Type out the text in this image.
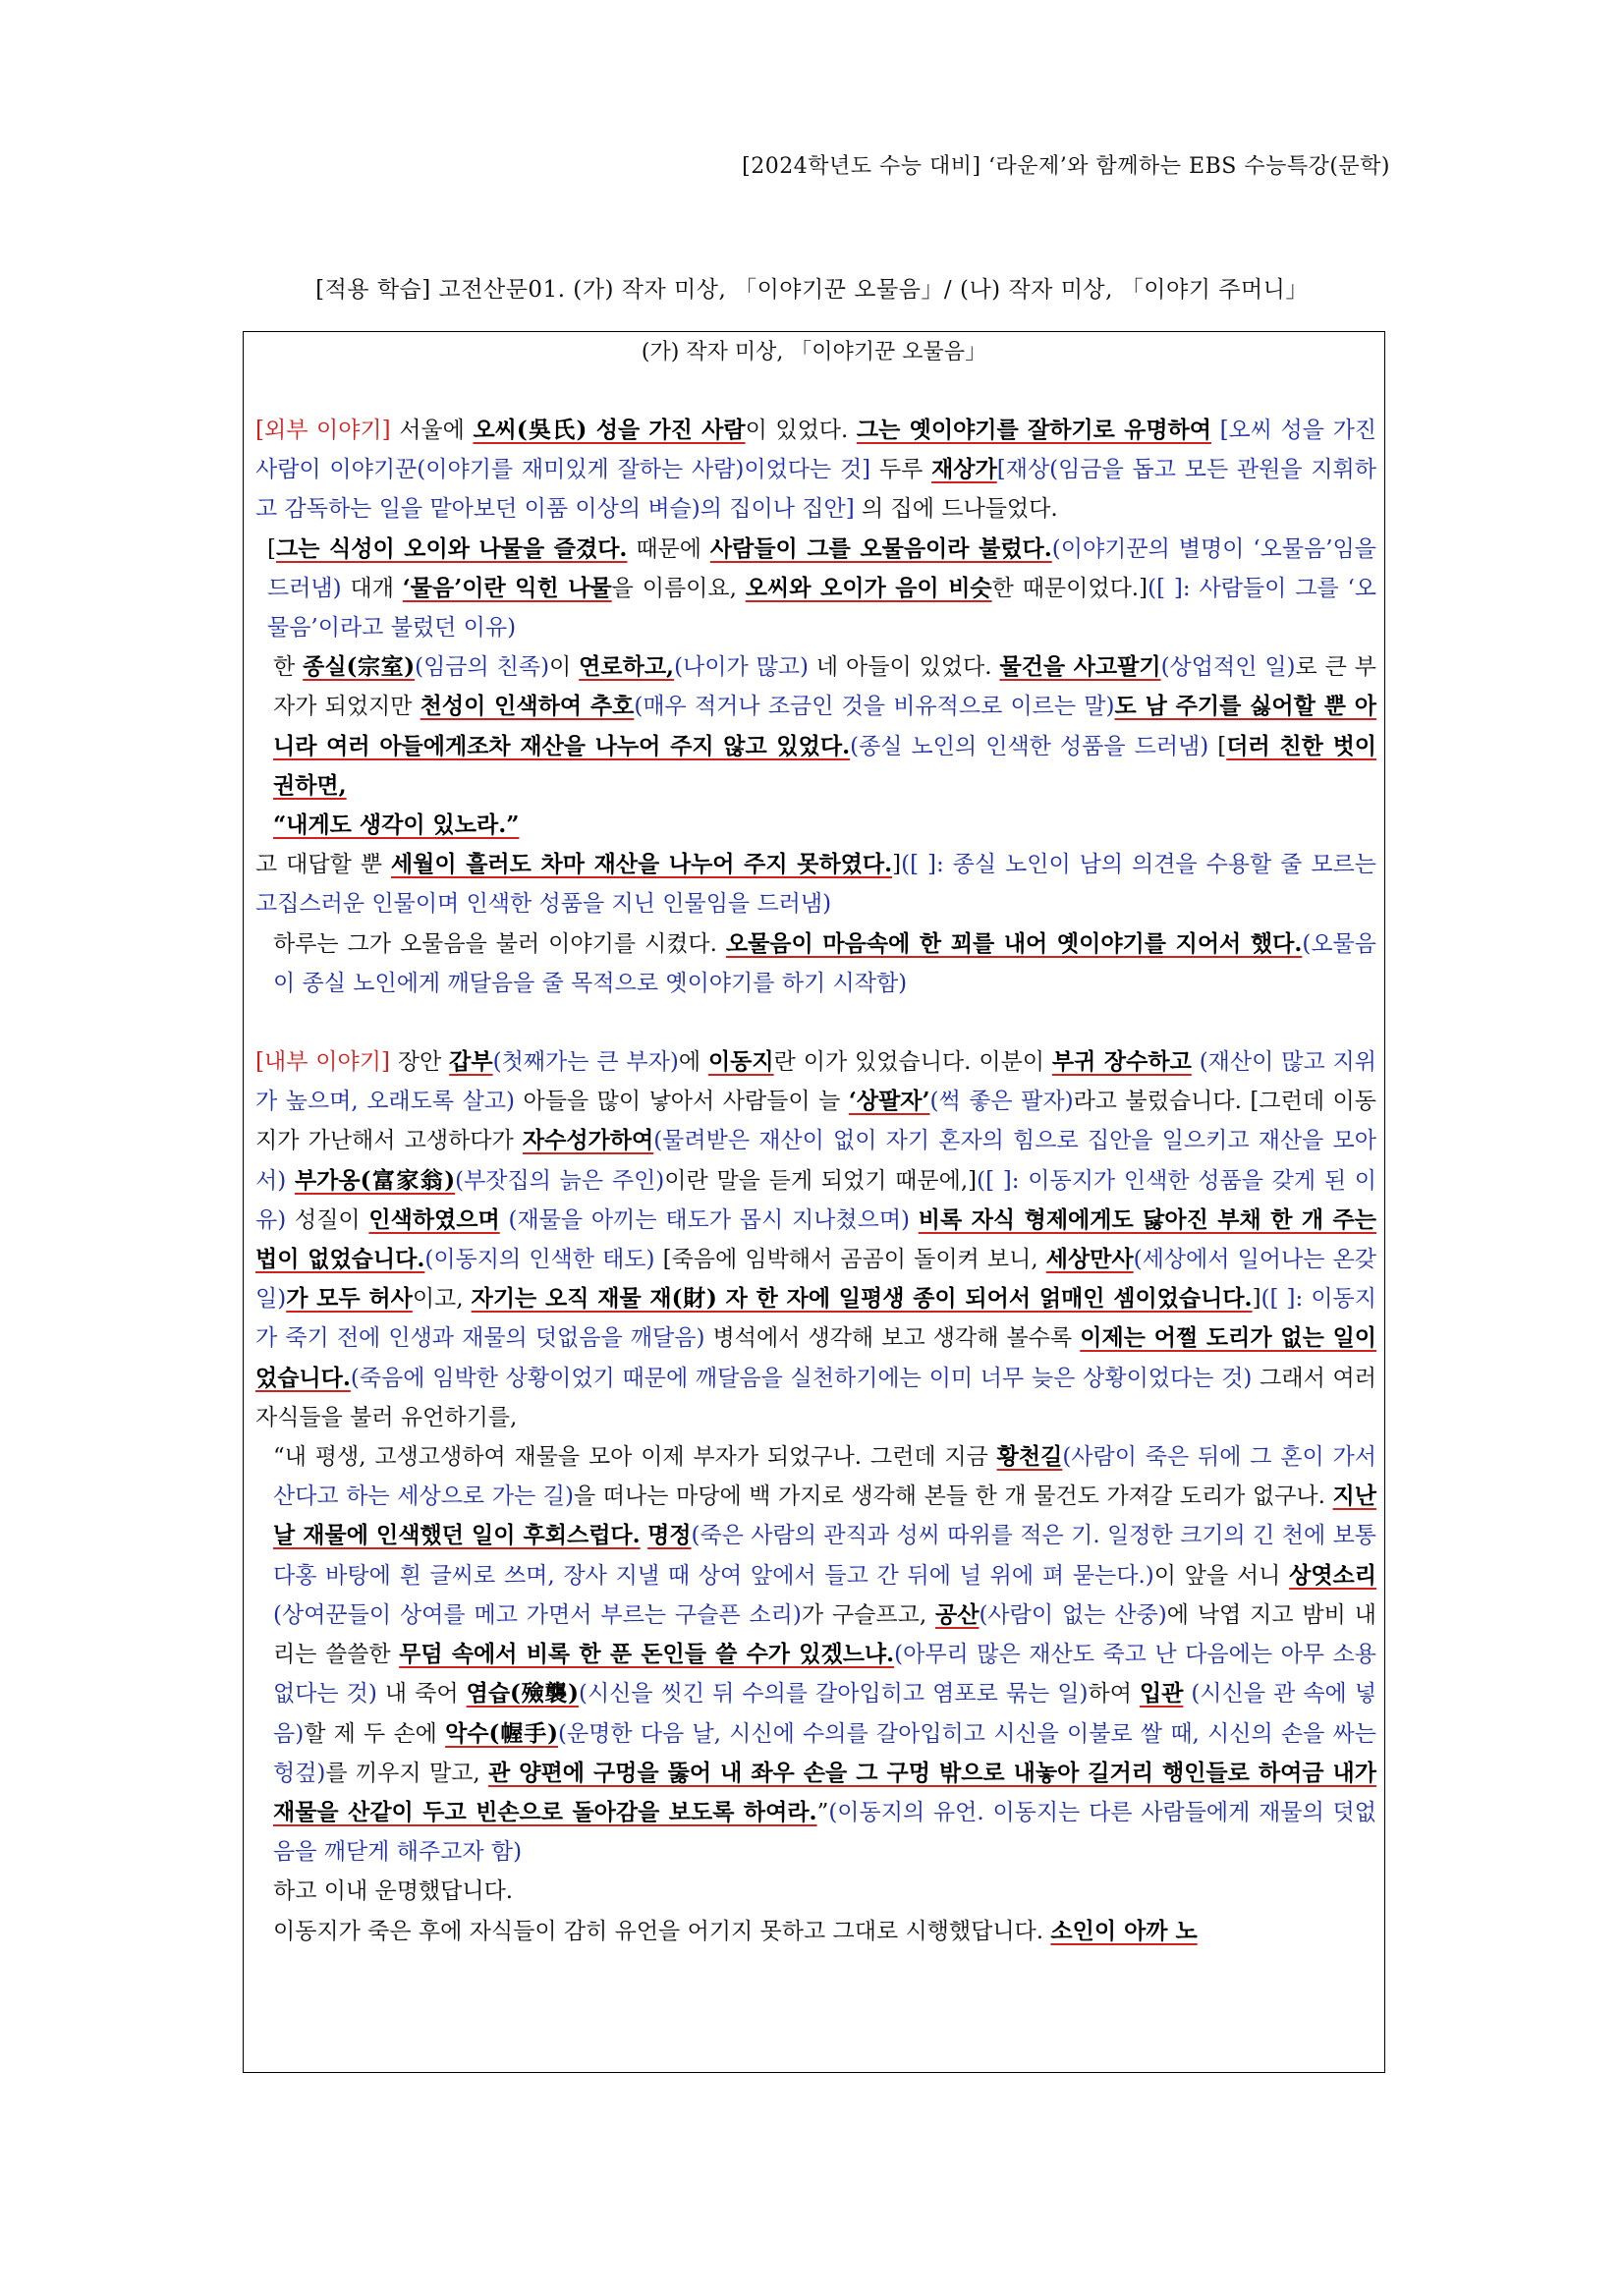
[2024학년도 수능 대비] ‘라운제’와 함께하는 EBS 수능특강(문학)
[적용 학습] 고전산문01. (가) 작자 미상, 「이야기꾼 오물음」/ (나) 작자 미상, 「이야기 주머니」
(가) 작자 미상, 「이야기꾼 오물음」

[외부 이야기] 서울에 오씨(吳氏) 성을 가진 사람이 있었다. 그는 옛이야기를 잘하기로 유명하여 [오씨 성을 가진 사람이 이야기꾼(이야기를 재미있게 잘하는 사람)이었다는 것] 두루 재상가[재상(임금을 돕고 모든 관원을 지휘하고 감독하는 일을 맡아보던 이품 이상의 벼슬)의 집이나 집안] 의 집에 드나들었다.

[그는 식성이 오이와 나물을 즐겼다. 때문에 사람들이 그를 오물음이라 불렀다.(이야기꾼의 별명이 ‘오물음’임을 드러냄) 대개 ‘물음’이란 익힌 나물을 이름이요, 오씨와 오이가 음이 비슷한 때문이었다.]([ ]: 사람들이 그를 ‘오물음’이라고 불렀던 이유)

한 종실(宗室)(임금의 친족)이 연로하고,(나이가 많고) 네 아들이 있었다. 물건을 사고팔기(상업적인 일)로 큰 부자가 되었지만 천성이 인색하여 추호(매우 적거나 조금인 것을 비유적으로 이르는 말)도 남 주기를 싫어할 뿐 아니라 여러 아들에게조차 재산을 나누어 주지 않고 있었다.(종실 노인의 인색한 성품을 드러냄) [더러 친한 벗이 권하면,

“내게도 생각이 있노라.”

고 대답할 뿐 세월이 흘러도 차마 재산을 나누어 주지 못하였다.]([ ]: 종실 노인이 남의 의견을 수용할 줄 모르는 고집스러운 인물이며 인색한 성품을 지닌 인물임을 드러냄)

하루는 그가 오물음을 불러 이야기를 시켰다. 오물음이 마음속에 한 꾀를 내어 옛이야기를 지어서 했다.(오물음이 종실 노인에게 깨달음을 줄 목적으로 옛이야기를 하기 시작함)

[내부 이야기] 장안 갑부(첫째가는 큰 부자)에 이동지란 이가 있었습니다. 이분이 부귀 장수하고 (재산이 많고 지위가 높으며, 오래도록 살고) 아들을 많이 낳아서 사람들이 늘 ‘상팔자’(썩 좋은 팔자)라고 불렀습니다. [그런데 이동지가 가난해서 고생하다가 자수성가하여(물려받은 재산이 없이 자기 혼자의 힘으로 집안을 일으키고 재산을 모아서) 부가옹(富家翁)(부잣집의 늙은 주인)이란 말을 듣게 되었기 때문에,]([ ]: 이동지가 인색한 성품을 갖게 된 이유) 성질이 인색하였으며 (재물을 아끼는 태도가 몹시 지나쳤으며) 비록 자식 형제에게도 닳아진 부채 한 개 주는 법이 없었습니다.(이동지의 인색한 태도) [죽음에 임박해서 곰곰이 돌이켜 보니, 세상만사(세상에서 일어나는 온갖 일)가 모두 허사이고, 자기는 오직 재물 재(財) 자 한 자에 일평생 종이 되어서 얽매인 셈이었습니다.]([ ]: 이동지가 죽기 전에 인생과 재물의 덧없음을 깨달음) 병석에서 생각해 보고 생각해 볼수록 이제는 어쩔 도리가 없는 일이었습니다.(죽음에 임박한 상황이었기 때문에 깨달음을 실천하기에는 이미 너무 늦은 상황이었다는 것) 그래서 여러 자식들을 불러 유언하기를,

“내 평생, 고생고생하여 재물을 모아 이제 부자가 되었구나. 그런데 지금 황천길(사람이 죽은 뒤에 그 혼이 가서 산다고 하는 세상으로 가는 길)을 떠나는 마당에 백 가지로 생각해 본들 한 개 물건도 가져갈 도리가 없구나. 지난날 재물에 인색했던 일이 후회스럽다. 명정(죽은 사람의 관직과 성씨 따위를 적은 기. 일정한 크기의 긴 천에 보통 다홍 바탕에 흰 글씨로 쓰며, 장사 지낼 때 상여 앞에서 들고 간 뒤에 널 위에 펴 묻는다.)이 앞을 서니 상엿소리(상여꾼들이 상여를 메고 가면서 부르는 구슬픈 소리)가 구슬프고, 공산(사람이 없는 산중)에 낙엽 지고 밤비 내리는 쓸쓸한 무덤 속에서 비록 한 푼 돈인들 쓸 수가 있겠느냐.(아무리 많은 재산도 죽고 난 다음에는 아무 소용 없다는 것) 내 죽어 염습(殮襲)(시신을 씻긴 뒤 수의를 갈아입히고 염포로 묶는 일)하여 입관 (시신을 관 속에 넣음)할 제 두 손에 악수(幄手)(운명한 다음 날, 시신에 수의를 갈아입히고 시신을 이불로 쌀 때, 시신의 손을 싸는 헝겊)를 끼우지 말고, 관 양편에 구멍을 뚫어 내 좌우 손을 그 구멍 밖으로 내놓아 길거리 행인들로 하여금 내가 재물을 산같이 두고 빈손으로 돌아감을 보도록 하여라.”(이동지의 유언. 이동지는 다른 사람들에게 재물의 덧없음을 깨닫게 해주고자 함)

하고 이내 운명했답니다.

이동지가 죽은 후에 자식들이 감히 유언을 어기지 못하고 그대로 시행했답니다. 소인이 아까 노
